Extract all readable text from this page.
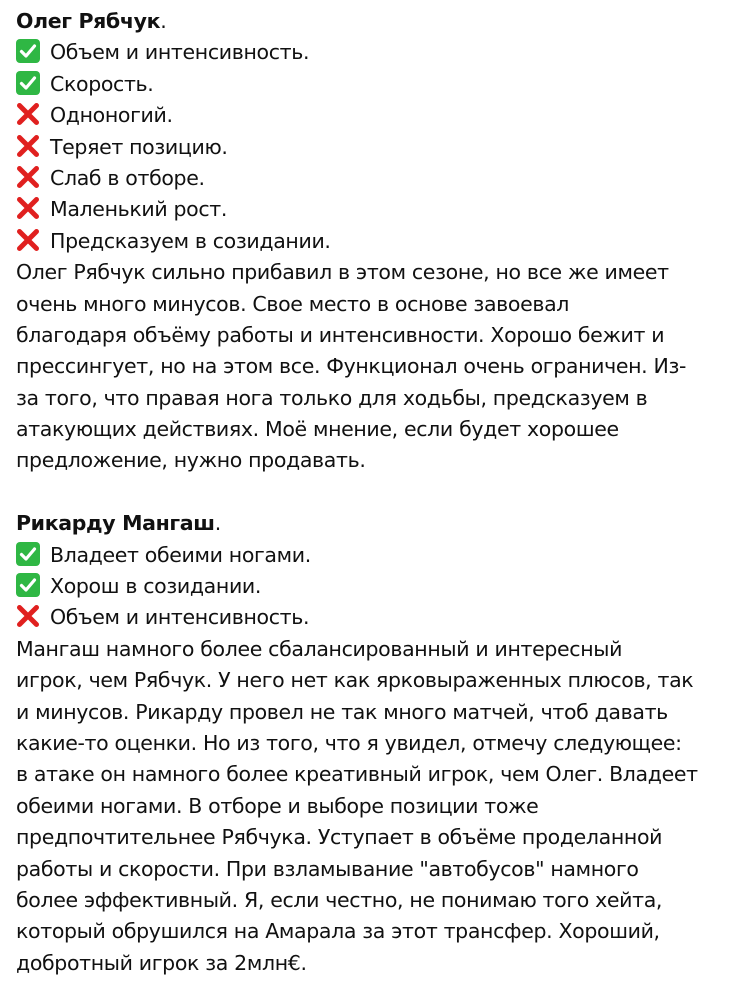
Олег Рябчук.
Объем и интенсивность.
Скорость.
Одноногий.
Теряет позицию.
Слаб в отборе.
Маленький рост.
Предсказуем в созидании.
Олег Рябчук сильно прибавил в этом сезоне, но все же имеет
очень много минусов. Свое место в основе завоевал
благодаря объёму работы и интенсивности. Хорошо бежит и
прессингует, но на этом все. Функционал очень ограничен. Из-
за того, что правая нога только для ходьбы, предсказуем в
атакующих действиях. Моё мнение, если будет хорошее
предложение, нужно продавать.
Рикарду Мангаш.
Владеет обеими ногами.
Хорош в созидании.
Объем и интенсивность.
Мангаш намного более сбалансированный и интересный
игрок, чем Рябчук. У него нет как ярковыраженных плюсов, так
и минусов. Рикарду провел не так много матчей, чтоб давать
какие-то оценки. Но из того, что я увидел, отмечу следующее:
в атаке он намного более креативный игрок, чем Олег. Владеет
обеими ногами. В отборе и выборе позиции тоже
предпочтительнее Рябчука. Уступает в объёме проделанной
работы и скорости. При взламывание "автобусов" намного
более эффективный. Я, если честно, не понимаю того хейта,
который обрушился на Амарала за этот трансфер. Хороший,
добротный игрок за 2млн€.
